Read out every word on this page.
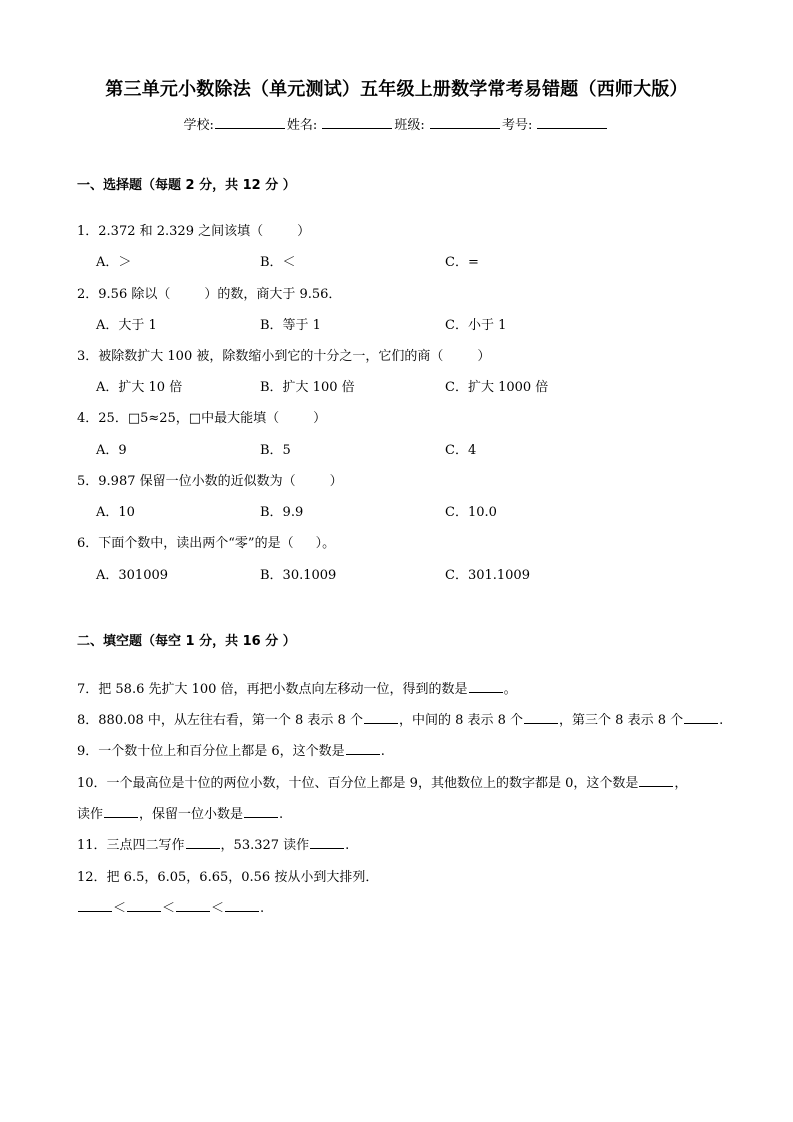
第三单元小数除法（单元测试）五年级上册数学常考易错题（西师大版）
学校:	姓名:	班级:	考号:
一、选择题（每题 2 分，共 12 分 ）
1．2.372 和 2.329 之间该填（	）
A．＞	B．＜	C．=
2．9.56 除以（	）的数，商大于 9.56．
A．大于 1	B．等于 1	C．小于 1
3．被除数扩大 100 被，除数缩小到它的十分之一，它们的商（	）
A．扩大 10 倍	B．扩大 100 倍	C．扩大 1000 倍
4．25．□5≈25，□中最大能填（	）
A．9	B．5	C．4
5．9.987 保留一位小数的近似数为（	）
A．10	B．9.9	C．10.0
6．下面个数中，读出两个“零”的是（ ）。
A．301009	B．30.1009	C．301.1009
二、填空题（每空 1 分，共 16 分 ）
7．把 58.6 先扩大 100 倍，再把小数点向左移动一位，得到的数是	。
8．880.08 中，从左往右看，第一个 8 表示 8 个	，中间的 8 表示 8 个	，第三个 8 表示 8 个	.
9．一个数十位上和百分位上都是 6，这个数是	.
10．一个最高位是十位的两位小数，十位、百分位上都是 9，其他数位上的数字都是 0，这个数是	，
读作	，保留一位小数是	.
11．三点四二写作	，53.327 读作	.
12．把 6.5，6.05，6.65，0.56 按从小到大排列．
＜	＜	＜	.
